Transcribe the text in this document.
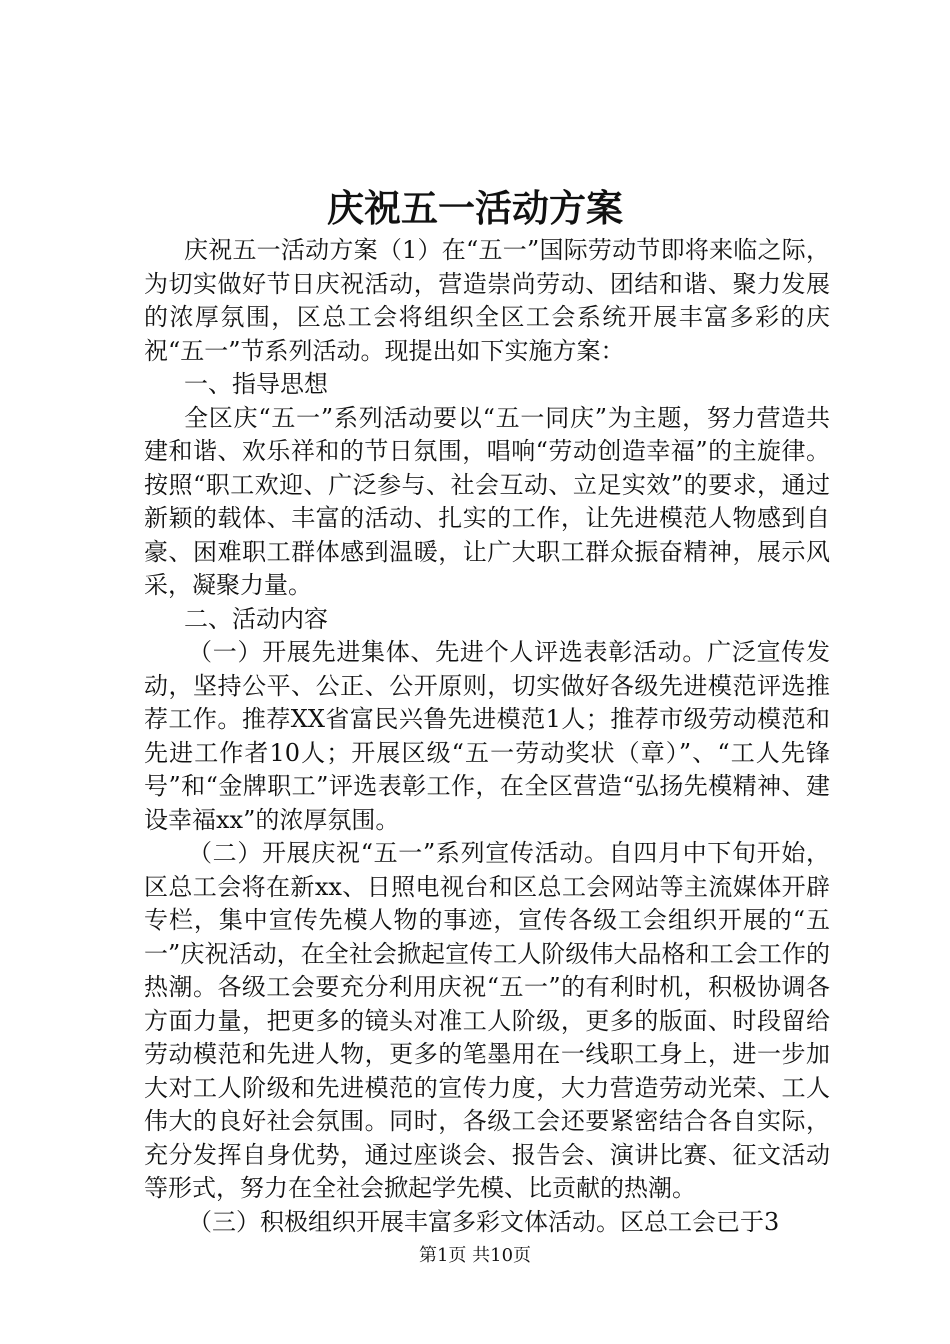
庆祝五一活动方案

庆祝五一活动方案（1）在“五一”国际劳动节即将来临之际，为切实做好节日庆祝活动，营造崇尚劳动、团结和谐、聚力发展的浓厚氛围，区总工会将组织全区工会系统开展丰富多彩的庆祝“五一”节系列活动。现提出如下实施方案：

一、指导思想

全区庆“五一”系列活动要以“五一同庆”为主题，努力营造共建和谐、欢乐祥和的节日氛围，唱响“劳动创造幸福”的主旋律。按照“职工欢迎、广泛参与、社会互动、立足实效”的要求，通过新颖的载体、丰富的活动、扎实的工作，让先进模范人物感到自豪、困难职工群体感到温暖，让广大职工群众振奋精神，展示风采，凝聚力量。

二、活动内容

（一）开展先进集体、先进个人评选表彰活动。广泛宣传发动，坚持公平、公正、公开原则，切实做好各级先进模范评选推荐工作。推荐XX省富民兴鲁先进模范1人；推荐市级劳动模范和先进工作者10人；开展区级“五一劳动奖状（章）”、“工人先锋号”和“金牌职工”评选表彰工作，在全区营造“弘扬先模精神、建设幸福xx”的浓厚氛围。

（二）开展庆祝“五一”系列宣传活动。自四月中下旬开始，区总工会将在新xx、日照电视台和区总工会网站等主流媒体开辟专栏，集中宣传先模人物的事迹，宣传各级工会组织开展的“五一”庆祝活动，在全社会掀起宣传工人阶级伟大品格和工会工作的热潮。各级工会要充分利用庆祝“五一”的有利时机，积极协调各方面力量，把更多的镜头对准工人阶级，更多的版面、时段留给劳动模范和先进人物，更多的笔墨用在一线职工身上，进一步加大对工人阶级和先进模范的宣传力度，大力营造劳动光荣、工人伟大的良好社会氛围。同时，各级工会还要紧密结合各自实际，充分发挥自身优势，通过座谈会、报告会、演讲比赛、征文活动等形式，努力在全社会掀起学先模、比贡献的热潮。

（三）积极组织开展丰富多彩文体活动。区总工会已于3

第1页 共10页
